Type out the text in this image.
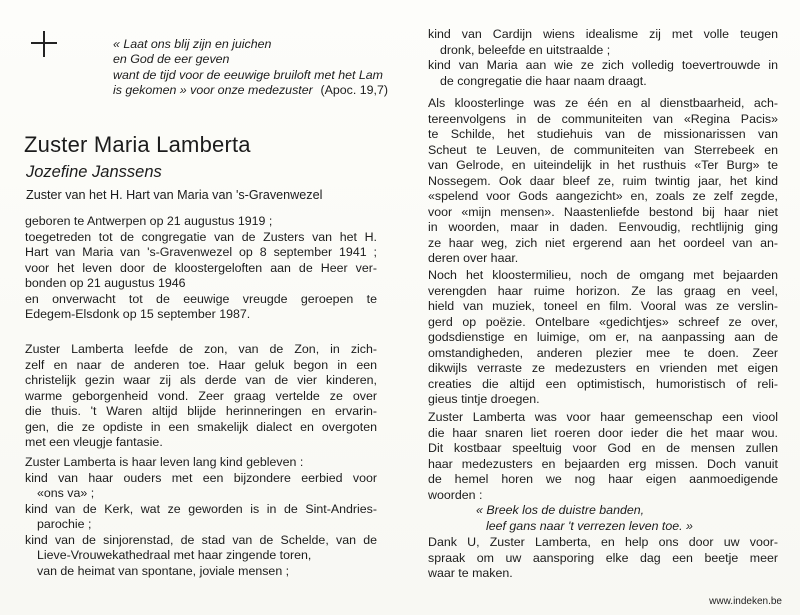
« Laat ons blij zijn en juichen
en God de eer geven
want de tijd voor de eeuwige bruiloft met het Lam
is gekomen » voor onze medezuster (Apoc. 19,7)
Zuster Maria Lamberta
Jozefine Janssens
Zuster van het H. Hart van Maria van 's-Gravenwezel
geboren te Antwerpen op 21 augustus 1919 ;
toegetreden tot de congregatie van de Zusters van het H.
Hart van Maria van 's-Gravenwezel op 8 september 1941 ;
voor het leven door de kloostergeloften aan de Heer ver-
bonden op 21 augustus 1946
en onverwacht tot de eeuwige vreugde geroepen te
Edegem-Elsdonk op 15 september 1987.
Zuster Lamberta leefde de zon, van de Zon, in zich-
zelf en naar de anderen toe. Haar geluk begon in een
christelijk gezin waar zij als derde van de vier kinderen,
warme geborgenheid vond. Zeer graag vertelde ze over
die thuis. 't Waren altijd blijde herinneringen en ervarin-
gen, die ze opdiste in een smakelijk dialect en overgoten
met een vleugje fantasie.
Zuster Lamberta is haar leven lang kind gebleven :
kind van haar ouders met een bijzondere eerbied voor
«ons va» ;
kind van de Kerk, wat ze geworden is in de Sint-Andries-
parochie ;
kind van de sinjorenstad, de stad van de Schelde, van de
Lieve-Vrouwekathedraal met haar zingende toren,
van de heimat van spontane, joviale mensen ;
kind van Cardijn wiens idealisme zij met volle teugen
dronk, beleefde en uitstraalde ;
kind van Maria aan wie ze zich volledig toevertrouwde in
de congregatie die haar naam draagt.
Als kloosterlinge was ze één en al dienstbaarheid, ach-
tereenvolgens in de communiteiten van «Regina Pacis»
te Schilde, het studiehuis van de missionarissen van
Scheut te Leuven, de communiteiten van Sterrebeek en
van Gelrode, en uiteindelijk in het rusthuis «Ter Burg» te
Nossegem. Ook daar bleef ze, ruim twintig jaar, het kind
«spelend voor Gods aangezicht» en, zoals ze zelf zegde,
voor «mijn mensen». Naastenliefde bestond bij haar niet
in woorden, maar in daden. Eenvoudig, rechtlijnig ging
ze haar weg, zich niet ergerend aan het oordeel van an-
deren over haar.
Noch het kloostermilieu, noch de omgang met bejaarden
verengden haar ruime horizon. Ze las graag en veel,
hield van muziek, toneel en film. Vooral was ze verslin-
gerd op poëzie. Ontelbare «gedichtjes» schreef ze over,
godsdienstige en luimige, om er, na aanpassing aan de
omstandigheden, anderen plezier mee te doen. Zeer
dikwijls verraste ze medezusters en vrienden met eigen
creaties die altijd een optimistisch, humoristisch of reli-
gieus tintje droegen.
Zuster Lamberta was voor haar gemeenschap een viool
die haar snaren liet roeren door ieder die het maar wou.
Dit kostbaar speeltuig voor God en de mensen zullen
haar medezusters en bejaarden erg missen. Doch vanuit
de hemel horen we nog haar eigen aanmoedigende
woorden :
« Breek los de duistre banden,
leef gans naar 't verrezen leven toe. »
Dank U, Zuster Lamberta, en help ons door uw voor-
spraak om uw aansporing elke dag een beetje meer
waar te maken.
www.indeken.be
